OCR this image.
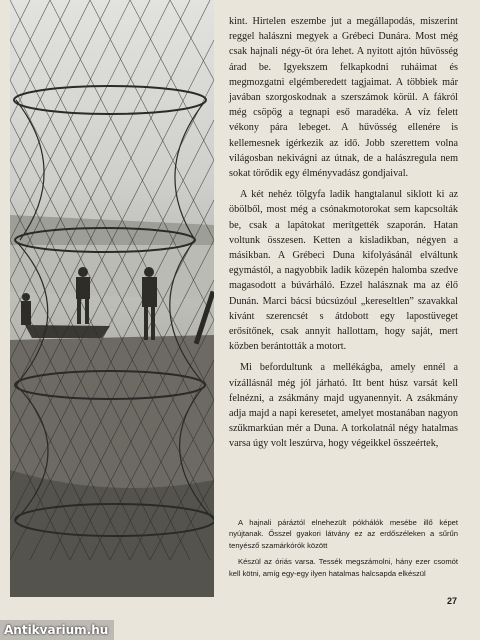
kint. Hirtelen eszembe jut a megállapodás, miszerint reggel halászni megyek a Grébeci Dunára. Most még csak hajnali négy-öt óra lehet. A nyitott ajtón hűvösség árad be. Igyekszem felkapkodni ruháimat és megmozgatni elgémberedett tagjaimat. A többiek már javában szorgoskodnak a szerszámok körül. A fákról még csöpög a tegnapi eső maradéka. A víz felett vékony pára lebeget. A hűvösség ellenére is kellemesnek ígérkezik az idő. Jobb szerettem volna világosban nekivágni az útnak, de a halászregula nem sokat törődik egy élményvadász gondjaival.

A két nehéz tölgyfa ladik hangtalanul siklott ki az öbölből, most még a csónakmotorokat sem kapcsolták be, csak a lapátokat merítgették szaporán. Hatan voltunk összesen. Ketten a kisladikban, négyen a másikban. A Grébeci Duna kifolyásánál elváltunk egymástól, a nagyobbik ladik közepén halomba szedve magasodott a búvárháló. Ezzel halásznak ma az élő Dunán. Marci bácsi búcsúzóul „kereseltlen” szavakkal kívánt szerencsét s átdobott egy lapostüveget erősítőnek, csak annyit hallottam, hogy saját, mert közben berántották a motort.

Mi befordultunk a mellékágba, amely ennél a vízállásnál még jól járható. Itt bent húsz varsát kell felnézni, a zsákmány majd ugyanennyit. A zsákmány adja majd a napi keresetet, amelyet mostanában nagyon szűkmarkúan mér a Duna. A torkolatnál négy hatalmas varsa úgy volt leszúrva, hogy végeikkel összeértek,

A hajnali páráztól elnehezült pókhálók mesébe illő képet nyújtanak. Ősszel gyakori látvány ez az erdőszéleken a sűrűn tenyésző szamárkórók között

Készül az óriás varsa. Tessék megszámolni, hány ezer csomót kell kötni, amíg egy-egy ilyen hatalmas halcsapda elkészül

27
Antikvarium.hu
